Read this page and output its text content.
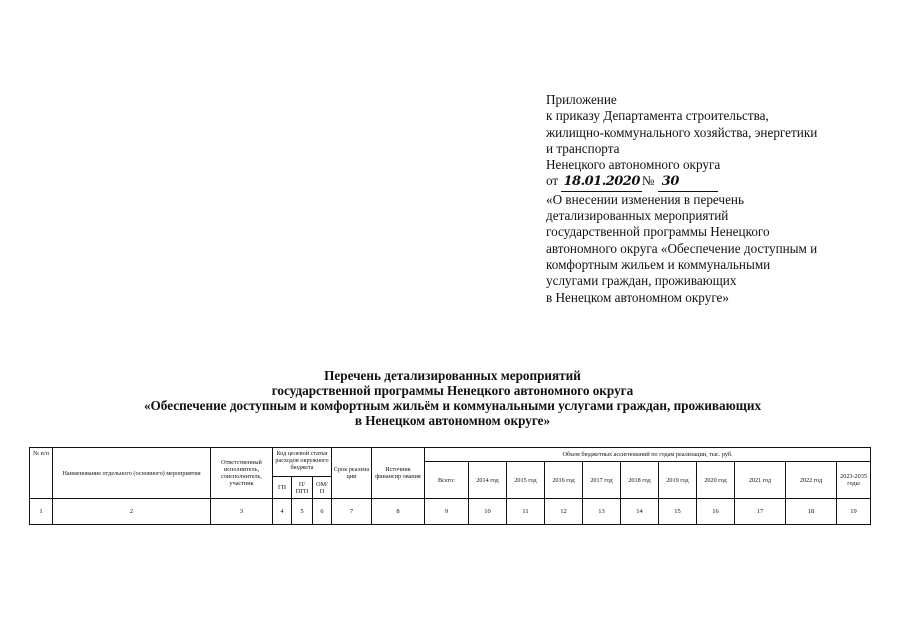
Приложение
к приказу Департамента строительства,
жилищно-коммунального хозяйства, энергетики
и транспорта
Ненецкого автономного округа
от 18.01.2020 № 30
«О внесении изменения в перечень
детализированных мероприятий
государственной программы Ненецкого
автономного округа «Обеспечение доступным и
комфортным жильем и коммунальными
услугами граждан, проживающих
в Ненецком автономном округе»
Перечень детализированных мероприятий
государственной программы Ненецкого автономного округа
«Обеспечение доступным и комфортным жильём и коммунальными услугами граждан, проживающих
в Ненецком автономном округе»
№ п/п	Наименование отдельного (основного) мероприятия	Ответственный исполнитель, соисполнитель, участник	Код целевой статьи расходов окружного бюджета			Срок реализа ции	Источник финансир ования	Объем бюджетных ассигнований по годам реализации, тыс. руб.										
								Всего:	2014 год	2015 год	2016 год	2017 год	2018 год	2019 год	2020 год	2021 год	2022 год	2023-2035 годы
			ГП	П/ ПГП	ОМ/ П													
1	2	3	4	5	6	7	8	9	10	11	12	13	14	15	16	17	18	19
